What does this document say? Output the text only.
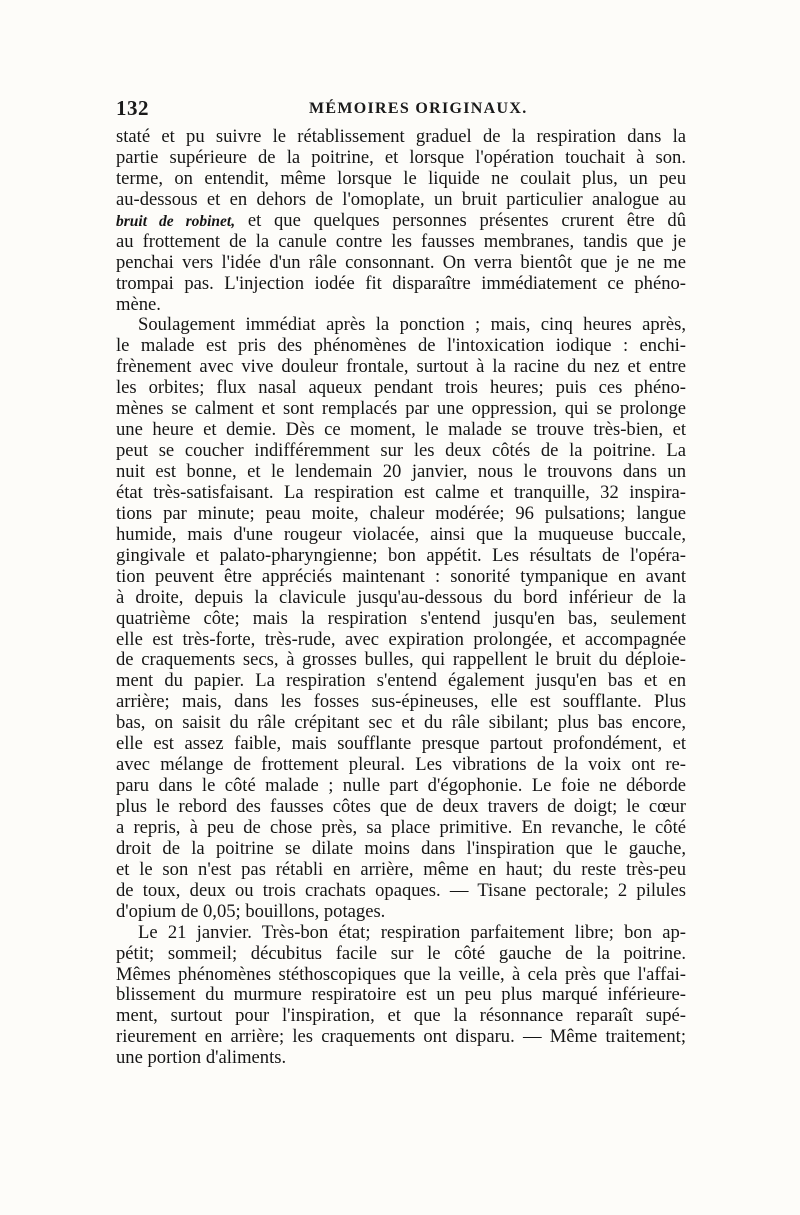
132	MÉMOIRES ORIGINAUX.
staté et pu suivre le rétablissement graduel de la respiration dans la
partie supérieure de la poitrine, et lorsque l'opération touchait à son.
terme, on entendit, même lorsque le liquide ne coulait plus, un peu
au-dessous et en dehors de l'omoplate, un bruit particulier analogue au
bruit de robinet, et que quelques personnes présentes crurent être dû
au frottement de la canule contre les fausses membranes, tandis que je
penchai vers l'idée d'un râle consonnant. On verra bientôt que je ne me
trompai pas. L'injection iodée fit disparaître immédiatement ce phéno-
mène.
Soulagement immédiat après la ponction ; mais, cinq heures après,
le malade est pris des phénomènes de l'intoxication iodique : enchi-
frènement avec vive douleur frontale, surtout à la racine du nez et entre
les orbites; flux nasal aqueux pendant trois heures; puis ces phéno-
mènes se calment et sont remplacés par une oppression, qui se prolonge
une heure et demie. Dès ce moment, le malade se trouve très-bien, et
peut se coucher indifféremment sur les deux côtés de la poitrine. La
nuit est bonne, et le lendemain 20 janvier, nous le trouvons dans un
état très-satisfaisant. La respiration est calme et tranquille, 32 inspira-
tions par minute; peau moite, chaleur modérée; 96 pulsations; langue
humide, mais d'une rougeur violacée, ainsi que la muqueuse buccale,
gingivale et palato-pharyngienne; bon appétit. Les résultats de l'opéra-
tion peuvent être appréciés maintenant : sonorité tympanique en avant
à droite, depuis la clavicule jusqu'au-dessous du bord inférieur de la
quatrième côte; mais la respiration s'entend jusqu'en bas, seulement
elle est très-forte, très-rude, avec expiration prolongée, et accompagnée
de craquements secs, à grosses bulles, qui rappellent le bruit du déploie-
ment du papier. La respiration s'entend également jusqu'en bas et en
arrière; mais, dans les fosses sus-épineuses, elle est soufflante. Plus
bas, on saisit du râle crépitant sec et du râle sibilant; plus bas encore,
elle est assez faible, mais soufflante presque partout profondément, et
avec mélange de frottement pleural. Les vibrations de la voix ont re-
paru dans le côté malade ; nulle part d'égophonie. Le foie ne déborde
plus le rebord des fausses côtes que de deux travers de doigt; le cœur
a repris, à peu de chose près, sa place primitive. En revanche, le côté
droit de la poitrine se dilate moins dans l'inspiration que le gauche,
et le son n'est pas rétabli en arrière, même en haut; du reste très-peu
de toux, deux ou trois crachats opaques. — Tisane pectorale; 2 pilules
d'opium de 0,05; bouillons, potages.
Le 21 janvier. Très-bon état; respiration parfaitement libre; bon ap-
pétit; sommeil; décubitus facile sur le côté gauche de la poitrine.
Mêmes phénomènes stéthoscopiques que la veille, à cela près que l'affai-
blissement du murmure respiratoire est un peu plus marqué inférieure-
ment, surtout pour l'inspiration, et que la résonnance reparaît supé-
rieurement en arrière; les craquements ont disparu. — Même traitement;
une portion d'aliments.
